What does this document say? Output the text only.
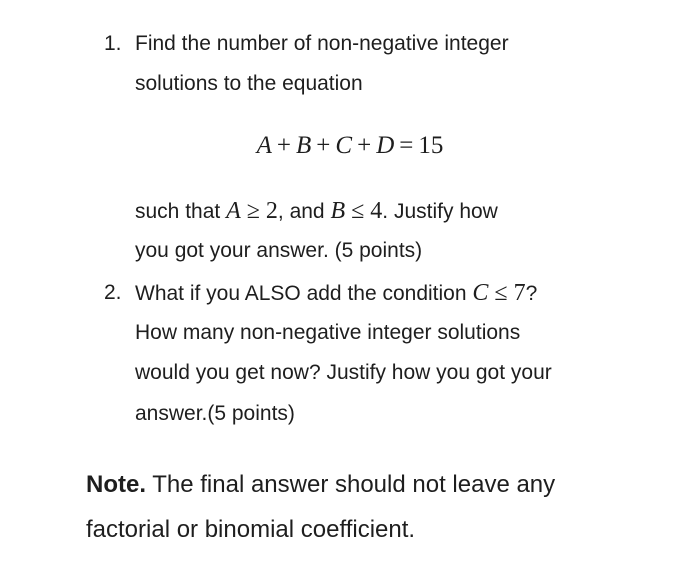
1. Find the number of non-negative integer
solutions to the equation
A + B + C + D = 15
such that A ≥ 2, and B ≤ 4. Justify how
you got your answer. (5 points)
2. What if you ALSO add the condition C ≤ 7?
How many non-negative integer solutions
would you get now? Justify how you got your
answer.(5 points)
Note. The final answer should not leave any
factorial or binomial coefficient.
